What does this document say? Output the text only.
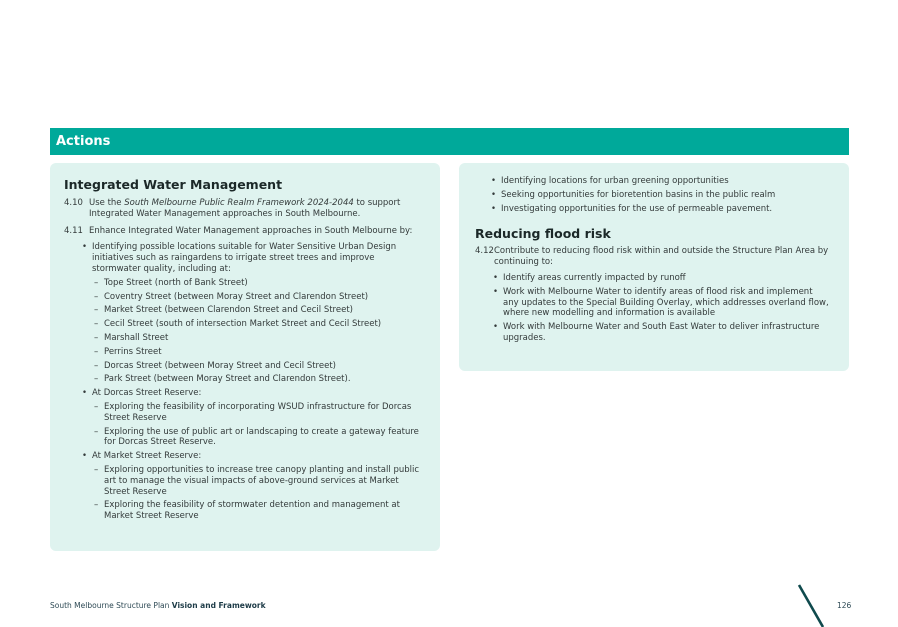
Actions
Integrated Water Management
4.10 Use the South Melbourne Public Realm Framework 2024-2044 to support Integrated Water Management approaches in South Melbourne.
4.11 Enhance Integrated Water Management approaches in South Melbourne by:
• Identifying possible locations suitable for Water Sensitive Urban Design initiatives such as raingardens to irrigate street trees and improve stormwater quality, including at:
– Tope Street (north of Bank Street)
– Coventry Street (between Moray Street and Clarendon Street)
– Market Street (between Clarendon Street and Cecil Street)
– Cecil Street (south of intersection Market Street and Cecil Street)
– Marshall Street
– Perrins Street
– Dorcas Street (between Moray Street and Cecil Street)
– Park Street (between Moray Street and Clarendon Street).
• At Dorcas Street Reserve:
– Exploring the feasibility of incorporating WSUD infrastructure for Dorcas Street Reserve
– Exploring the use of public art or landscaping to create a gateway feature for Dorcas Street Reserve.
• At Market Street Reserve:
– Exploring opportunities to increase tree canopy planting and install public art to manage the visual impacts of above-ground services at Market Street Reserve
– Exploring the feasibility of stormwater detention and management at Market Street Reserve
• Identifying locations for urban greening opportunities
• Seeking opportunities for bioretention basins in the public realm
• Investigating opportunities for the use of permeable pavement.
Reducing flood risk
4.12 Contribute to reducing flood risk within and outside the Structure Plan Area by continuing to:
• Identify areas currently impacted by runoff
• Work with Melbourne Water to identify areas of flood risk and implement any updates to the Special Building Overlay, which addresses overland flow, where new modelling and information is available
• Work with Melbourne Water and South East Water to deliver infrastructure upgrades.
South Melbourne Structure Plan Vision and Framework	126
